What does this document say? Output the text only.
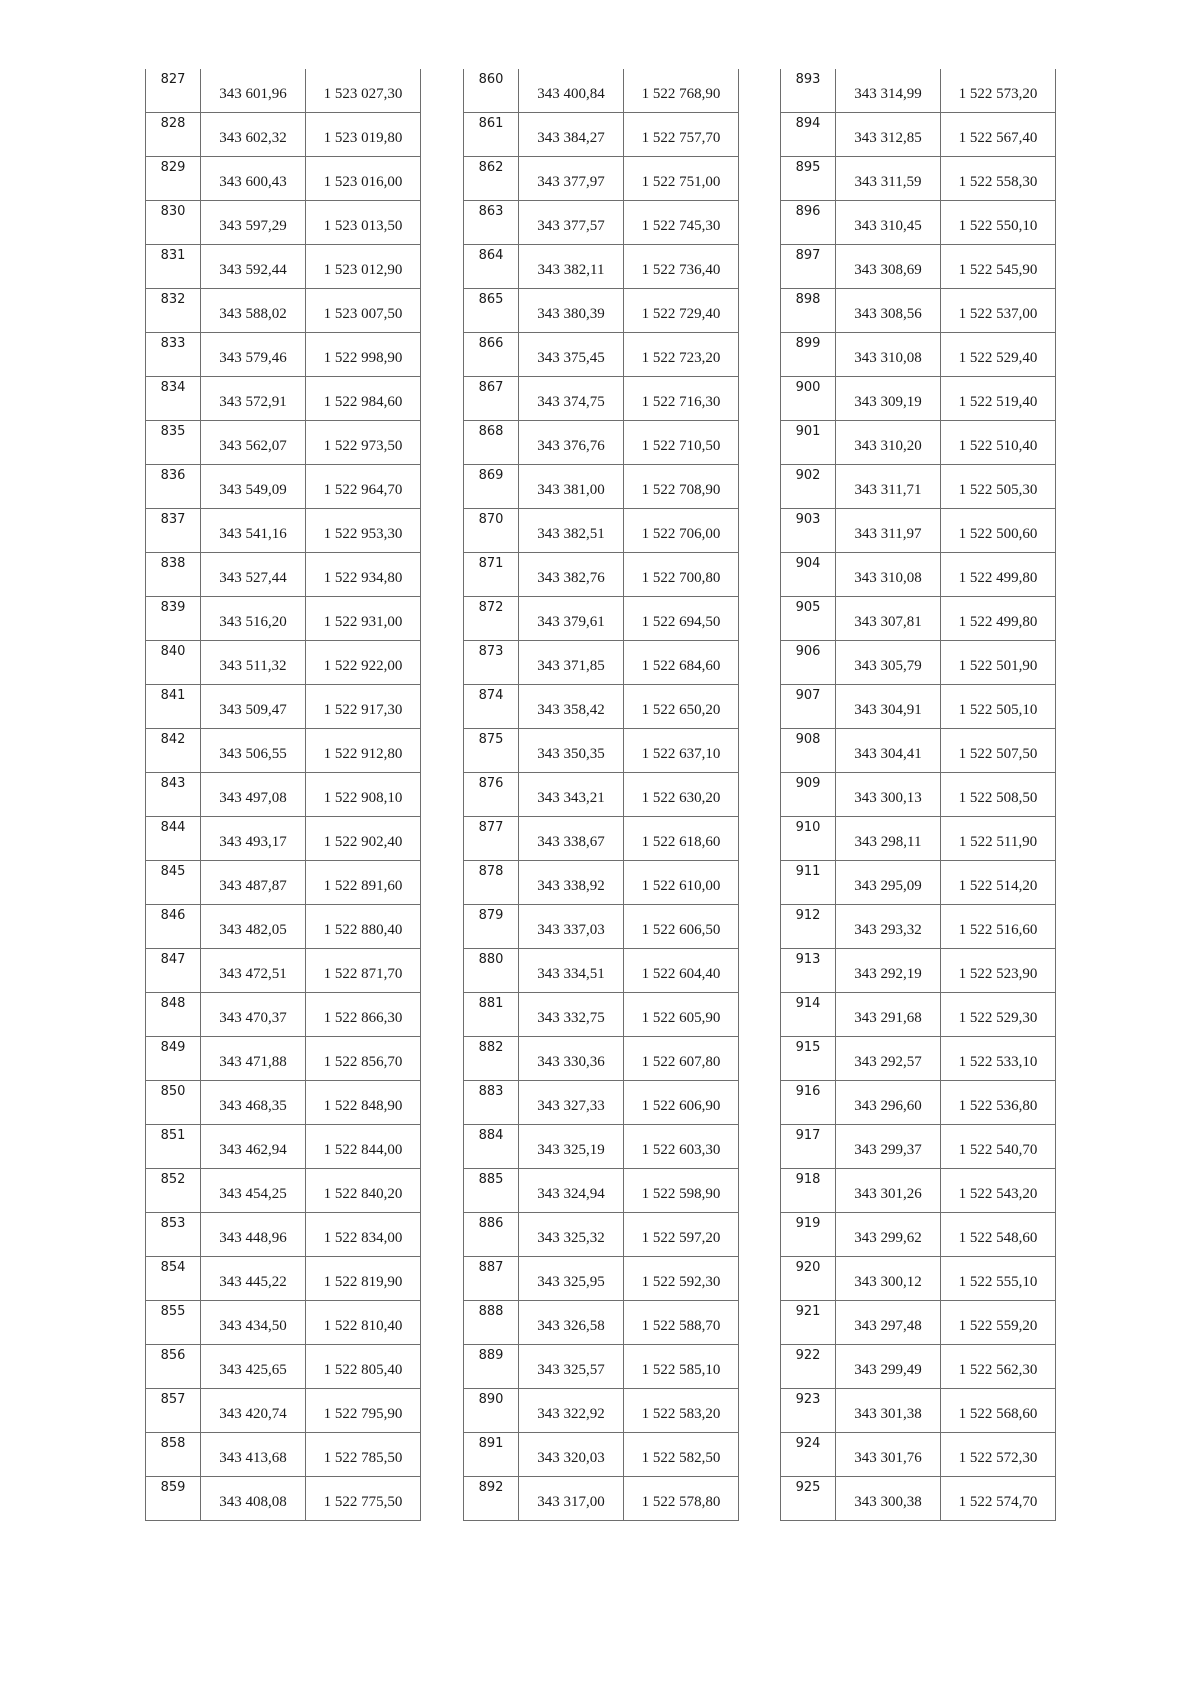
827	343 601,96	1 523 027,30
828	343 602,32	1 523 019,80
829	343 600,43	1 523 016,00
830	343 597,29	1 523 013,50
831	343 592,44	1 523 012,90
832	343 588,02	1 523 007,50
833	343 579,46	1 522 998,90
834	343 572,91	1 522 984,60
835	343 562,07	1 522 973,50
836	343 549,09	1 522 964,70
837	343 541,16	1 522 953,30
838	343 527,44	1 522 934,80
839	343 516,20	1 522 931,00
840	343 511,32	1 522 922,00
841	343 509,47	1 522 917,30
842	343 506,55	1 522 912,80
843	343 497,08	1 522 908,10
844	343 493,17	1 522 902,40
845	343 487,87	1 522 891,60
846	343 482,05	1 522 880,40
847	343 472,51	1 522 871,70
848	343 470,37	1 522 866,30
849	343 471,88	1 522 856,70
850	343 468,35	1 522 848,90
851	343 462,94	1 522 844,00
852	343 454,25	1 522 840,20
853	343 448,96	1 522 834,00
854	343 445,22	1 522 819,90
855	343 434,50	1 522 810,40
856	343 425,65	1 522 805,40
857	343 420,74	1 522 795,90
858	343 413,68	1 522 785,50
859	343 408,08	1 522 775,50
860	343 400,84	1 522 768,90
861	343 384,27	1 522 757,70
862	343 377,97	1 522 751,00
863	343 377,57	1 522 745,30
864	343 382,11	1 522 736,40
865	343 380,39	1 522 729,40
866	343 375,45	1 522 723,20
867	343 374,75	1 522 716,30
868	343 376,76	1 522 710,50
869	343 381,00	1 522 708,90
870	343 382,51	1 522 706,00
871	343 382,76	1 522 700,80
872	343 379,61	1 522 694,50
873	343 371,85	1 522 684,60
874	343 358,42	1 522 650,20
875	343 350,35	1 522 637,10
876	343 343,21	1 522 630,20
877	343 338,67	1 522 618,60
878	343 338,92	1 522 610,00
879	343 337,03	1 522 606,50
880	343 334,51	1 522 604,40
881	343 332,75	1 522 605,90
882	343 330,36	1 522 607,80
883	343 327,33	1 522 606,90
884	343 325,19	1 522 603,30
885	343 324,94	1 522 598,90
886	343 325,32	1 522 597,20
887	343 325,95	1 522 592,30
888	343 326,58	1 522 588,70
889	343 325,57	1 522 585,10
890	343 322,92	1 522 583,20
891	343 320,03	1 522 582,50
892	343 317,00	1 522 578,80
893	343 314,99	1 522 573,20
894	343 312,85	1 522 567,40
895	343 311,59	1 522 558,30
896	343 310,45	1 522 550,10
897	343 308,69	1 522 545,90
898	343 308,56	1 522 537,00
899	343 310,08	1 522 529,40
900	343 309,19	1 522 519,40
901	343 310,20	1 522 510,40
902	343 311,71	1 522 505,30
903	343 311,97	1 522 500,60
904	343 310,08	1 522 499,80
905	343 307,81	1 522 499,80
906	343 305,79	1 522 501,90
907	343 304,91	1 522 505,10
908	343 304,41	1 522 507,50
909	343 300,13	1 522 508,50
910	343 298,11	1 522 511,90
911	343 295,09	1 522 514,20
912	343 293,32	1 522 516,60
913	343 292,19	1 522 523,90
914	343 291,68	1 522 529,30
915	343 292,57	1 522 533,10
916	343 296,60	1 522 536,80
917	343 299,37	1 522 540,70
918	343 301,26	1 522 543,20
919	343 299,62	1 522 548,60
920	343 300,12	1 522 555,10
921	343 297,48	1 522 559,20
922	343 299,49	1 522 562,30
923	343 301,38	1 522 568,60
924	343 301,76	1 522 572,30
925	343 300,38	1 522 574,70
